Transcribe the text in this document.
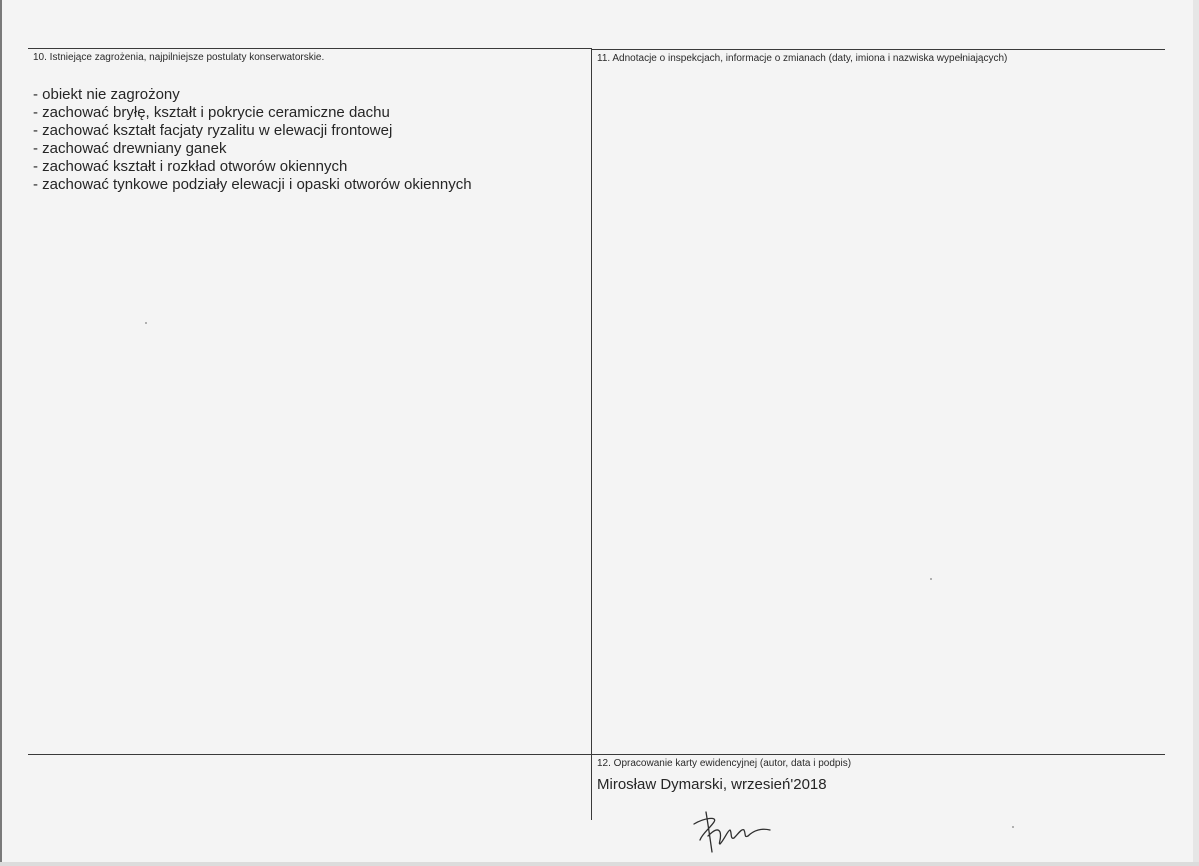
10. Istniejące zagrożenia, najpilniejsze postulaty konserwatorskie.
- obiekt nie zagrożony
- zachować bryłę, kształt i pokrycie ceramiczne dachu
- zachować kształt facjaty ryzalitu w elewacji frontowej
- zachować drewniany ganek
- zachować kształt i rozkład otworów okiennych
- zachować tynkowe podziały elewacji i opaski otworów okiennych
11. Adnotacje o inspekcjach, informacje o zmianach (daty, imiona i nazwiska wypełniających)
12. Opracowanie karty ewidencyjnej (autor, data i podpis)
Mirosław Dymarski, wrzesień'2018
